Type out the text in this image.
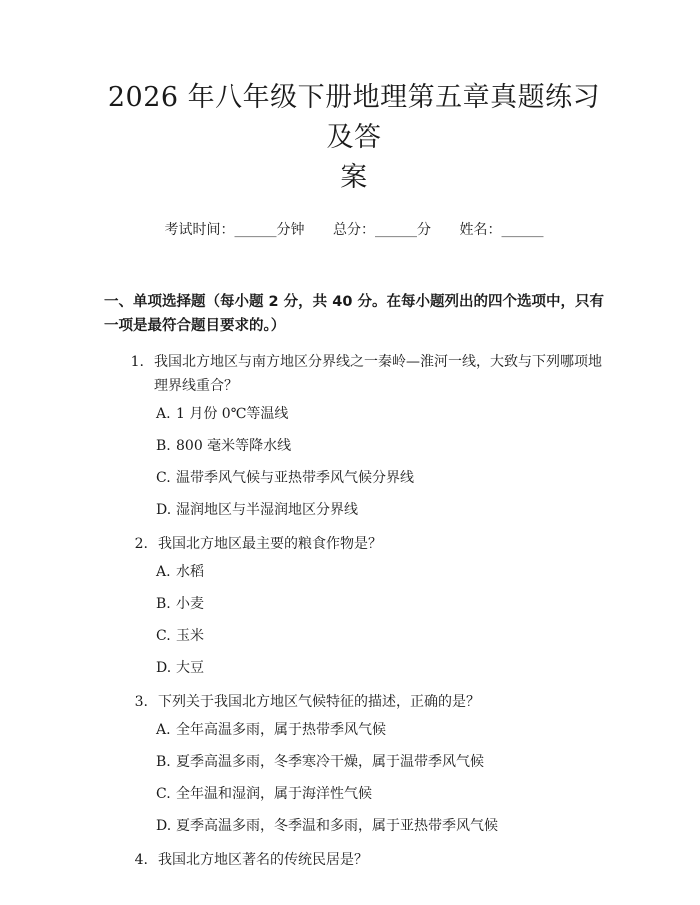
2026 年八年级下册地理第五章真题练习及答
案
考试时间：______分钟 总分：______分 姓名：______
一、单项选择题（每小题 2 分，共 40 分。在每小题列出的四个选项中，只有一项是最符合题目要求的。）
1. 我国北方地区与南方地区分界线之一秦岭—淮河一线，大致与下列哪项地理界线重合？
A. 1 月份 0℃等温线
B. 800 毫米等降水线
C. 温带季风气候与亚热带季风气候分界线
D. 湿润地区与半湿润地区分界线
2. 我国北方地区最主要的粮食作物是？
A. 水稻
B. 小麦
C. 玉米
D. 大豆
3. 下列关于我国北方地区气候特征的描述，正确的是？
A. 全年高温多雨，属于热带季风气候
B. 夏季高温多雨，冬季寒冷干燥，属于温带季风气候
C. 全年温和湿润，属于海洋性气候
D. 夏季高温多雨，冬季温和多雨，属于亚热带季风气候
4. 我国北方地区著名的传统民居是？
